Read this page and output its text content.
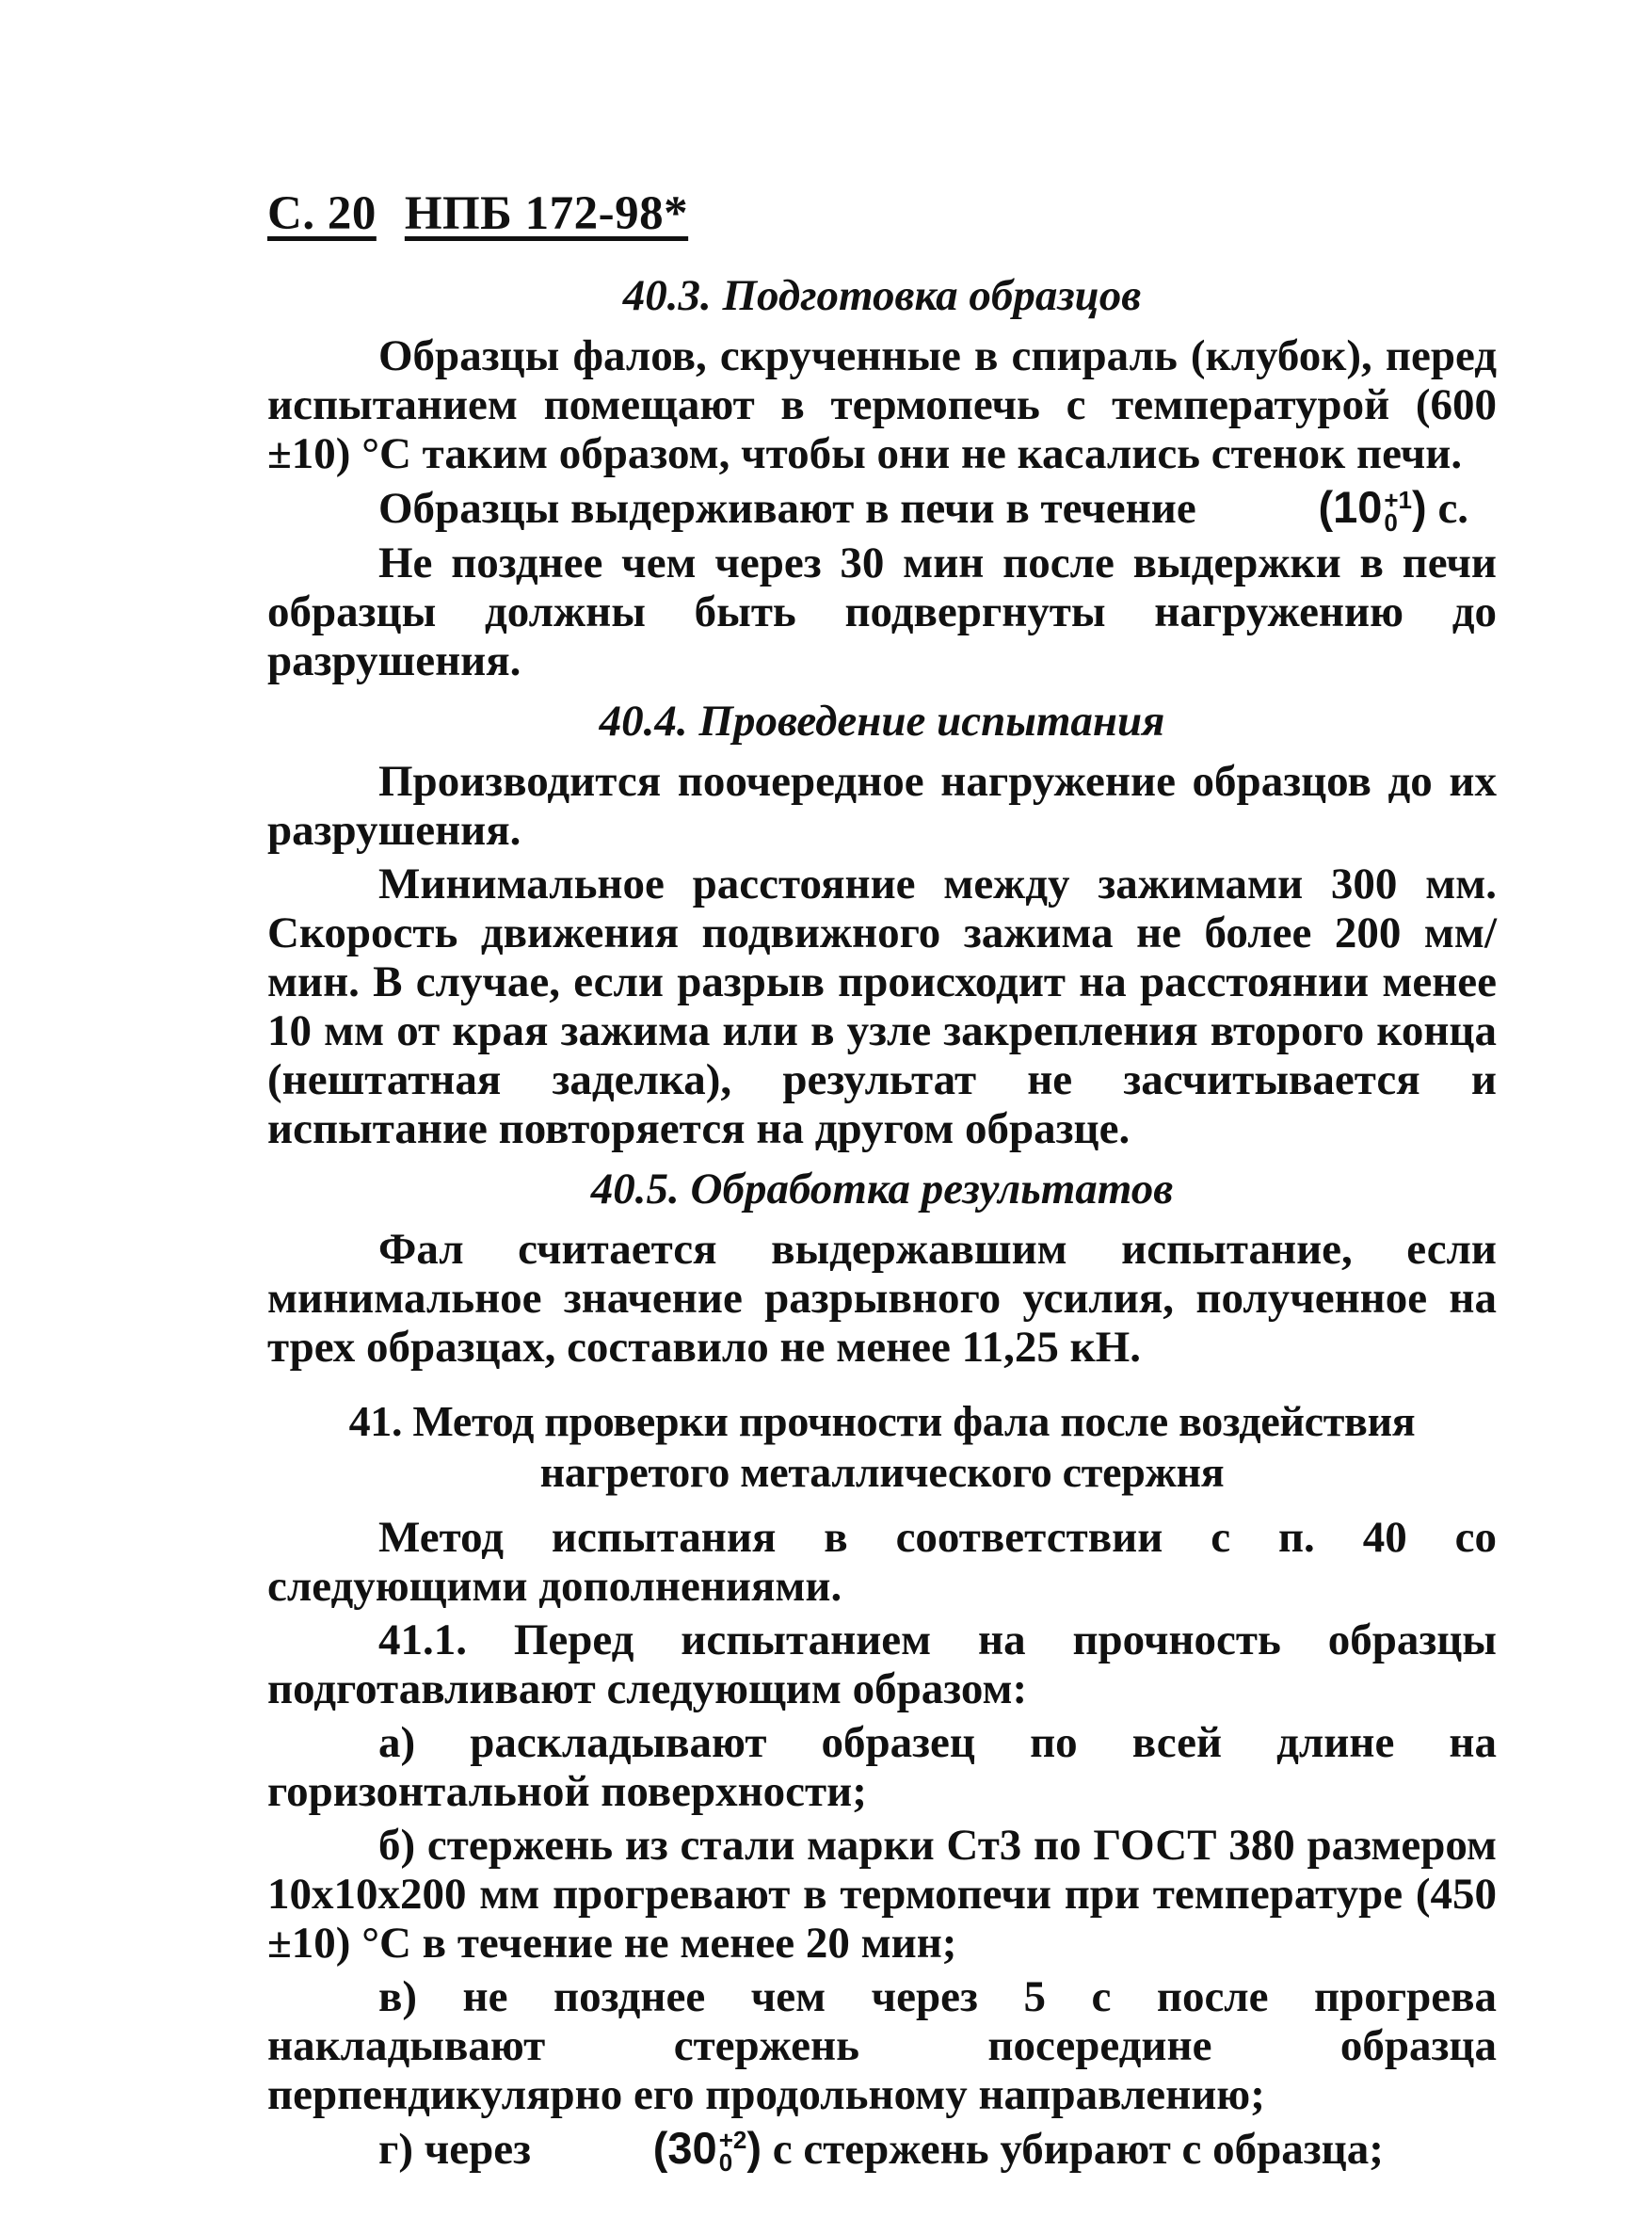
С. 20 НПБ 172-98*
40.3. Подготовка образцов

Образцы фалов, скрученные в спираль (клубок), перед испытанием помещают в термопечь с температурой (600 ±10) °С таким образом, чтобы они не касались стенок печи.

Образцы выдерживают в печи в течение	(10 +1
0 ) с.

Не позднее чем через 30 мин после выдержки в печи образцы должны быть подвергнуты нагружению до разрушения.

40.4. Проведение испытания

Производится поочередное нагружение образцов до их разрушения.

Минимальное расстояние между зажимами 300 мм. Скорость движения подвижного зажима не более 200 мм/мин. В случае, если разрыв происходит на расстоянии менее 10 мм от края зажима или в узле закрепления второго конца (нештатная заделка), результат не засчитывается и испытание повторяется на другом образце.

40.5. Обработка результатов

Фал считается выдержавшим испытание, если минимальное значение разрывного усилия, полученное на трех образцах, составило не менее 11,25 кН.

41. Метод проверки прочности фала после воздействия нагретого металлического стержня

Метод испытания в соответствии с п. 40 со следующими дополнениями.

41.1. Перед испытанием на прочность образцы подготавливают следующим образом:

а) раскладывают образец по всей длине на горизонтальной поверхности;

б) стержень из стали марки Ст3 по ГОСТ 380 размером 10х10х200 мм прогревают в термопечи при температуре (450 ±10) °С в течение не менее 20 мин;

в) не позднее чем через 5 с после прогрева накладывают стержень посередине образца перпендикулярно его продольному направлению;

г) через	(30 +2
0 ) с стержень убирают с образца;
